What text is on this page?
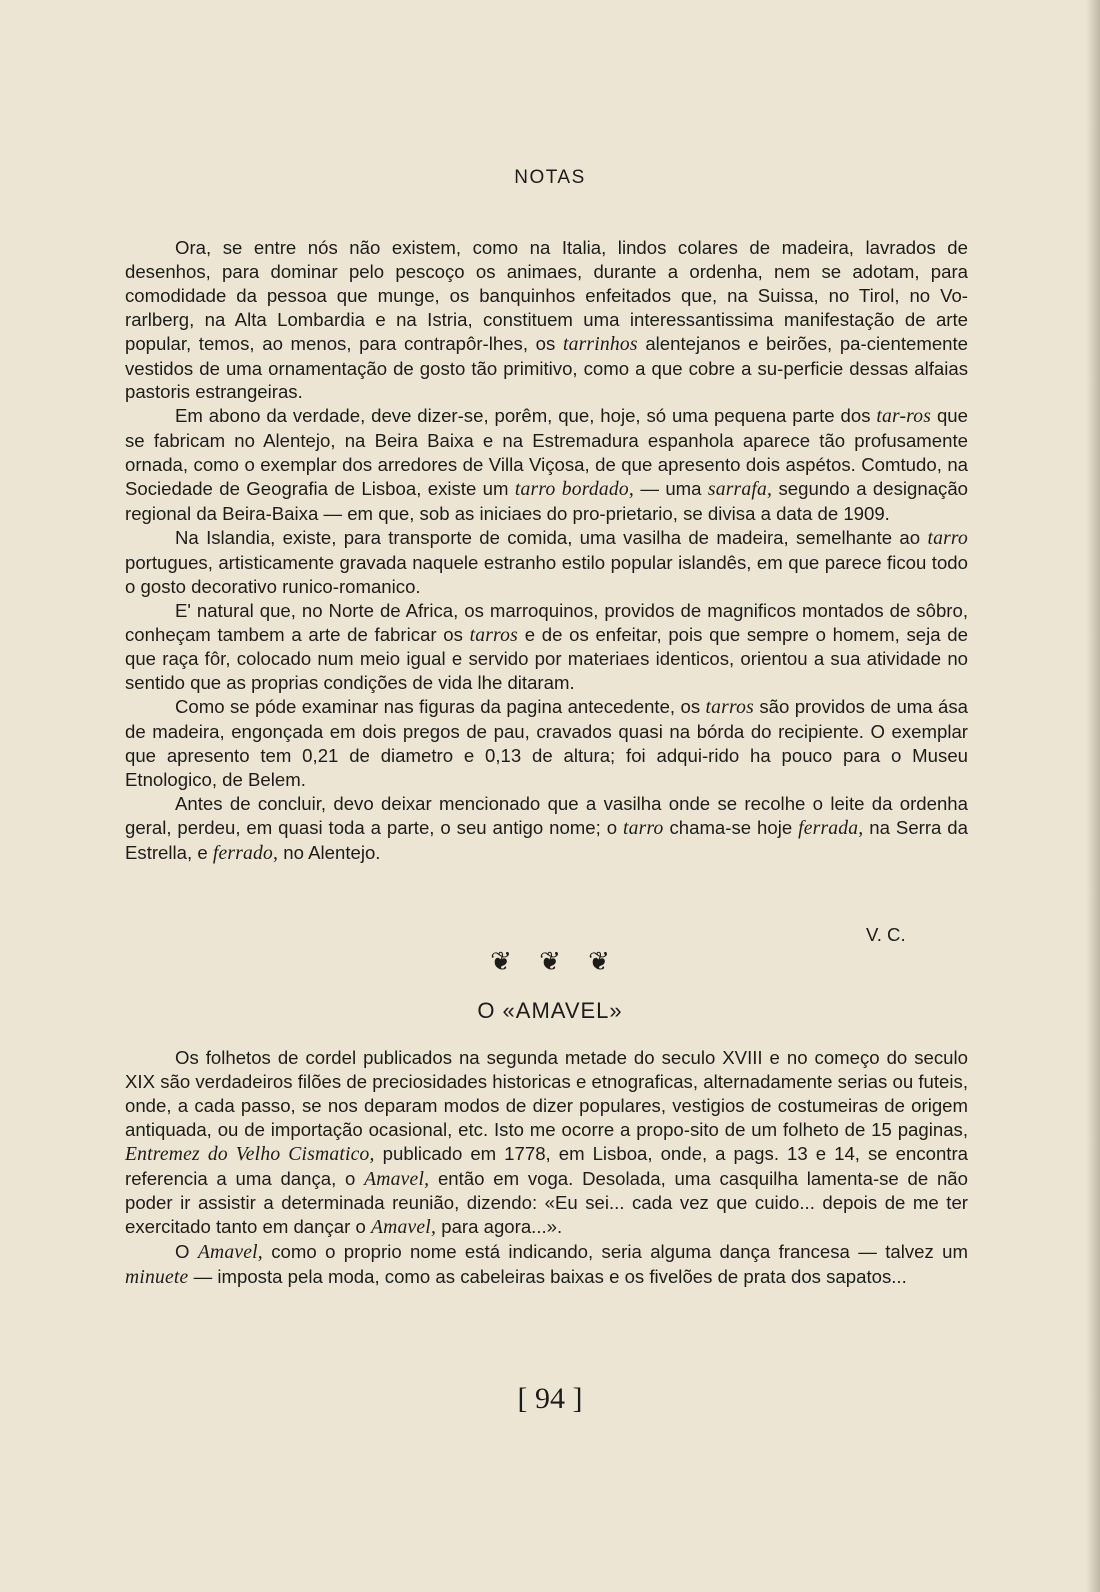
NOTAS

Ora, se entre nós não existem, como na Italia, lindos colares de madeira, lavrados de desenhos, para dominar pelo pescoço os animaes, durante a ordenha, nem se adotam, para comodidade da pessoa que munge, os banquinhos enfeitados que, na Suissa, no Tirol, no Vo-rarlberg, na Alta Lombardia e na Istria, constituem uma interessantissima manifestação de arte popular, temos, ao menos, para contrapôr-lhes, os tarrinhos alentejanos e beirões, pa-cientemente vestidos de uma ornamentação de gosto tão primitivo, como a que cobre a su-perficie dessas alfaias pastoris estrangeiras.

Em abono da verdade, deve dizer-se, porêm, que, hoje, só uma pequena parte dos tar-ros que se fabricam no Alentejo, na Beira Baixa e na Estremadura espanhola aparece tão profusamente ornada, como o exemplar dos arredores de Villa Viçosa, de que apresento dois aspétos. Comtudo, na Sociedade de Geografia de Lisboa, existe um tarro bordado, — uma sarrafa, segundo a designação regional da Beira-Baixa — em que, sob as iniciaes do pro-prietario, se divisa a data de 1909.

Na Islandia, existe, para transporte de comida, uma vasilha de madeira, semelhante ao tarro portugues, artisticamente gravada naquele estranho estilo popular islandês, em que parece ficou todo o gosto decorativo runico-romanico.

E' natural que, no Norte de Africa, os marroquinos, providos de magnificos montados de sôbro, conheçam tambem a arte de fabricar os tarros e de os enfeitar, pois que sempre o homem, seja de que raça fôr, colocado num meio igual e servido por materiaes identicos, orientou a sua atividade no sentido que as proprias condições de vida lhe ditaram.

Como se póde examinar nas figuras da pagina antecedente, os tarros são providos de uma ása de madeira, engonçada em dois pregos de pau, cravados quasi na bórda do recipiente. O exemplar que apresento tem 0,21 de diametro e 0,13 de altura; foi adqui-rido ha pouco para o Museu Etnologico, de Belem.

Antes de concluir, devo deixar mencionado que a vasilha onde se recolhe o leite da ordenha geral, perdeu, em quasi toda a parte, o seu antigo nome; o tarro chama-se hoje ferrada, na Serra da Estrella, e ferrado, no Alentejo.

V. C.
❦ ❦ ❦
O «AMAVEL»

Os folhetos de cordel publicados na segunda metade do seculo XVIII e no começo do seculo XIX são verdadeiros filões de preciosidades historicas e etnograficas, alternadamente serias ou futeis, onde, a cada passo, se nos deparam modos de dizer populares, vestigios de costumeiras de origem antiquada, ou de importação ocasional, etc. Isto me ocorre a propo-sito de um folheto de 15 paginas, Entremez do Velho Cismatico, publicado em 1778, em Lisboa, onde, a pags. 13 e 14, se encontra referencia a uma dança, o Amavel, então em voga. Desolada, uma casquilha lamenta-se de não poder ir assistir a determinada reunião, dizendo: «Eu sei... cada vez que cuido... depois de me ter exercitado tanto em dançar o Amavel, para agora...».

O Amavel, como o proprio nome está indicando, seria alguma dança francesa — talvez um minuete — imposta pela moda, como as cabeleiras baixas e os fivelões de prata dos sapatos...

[ 94 ]
